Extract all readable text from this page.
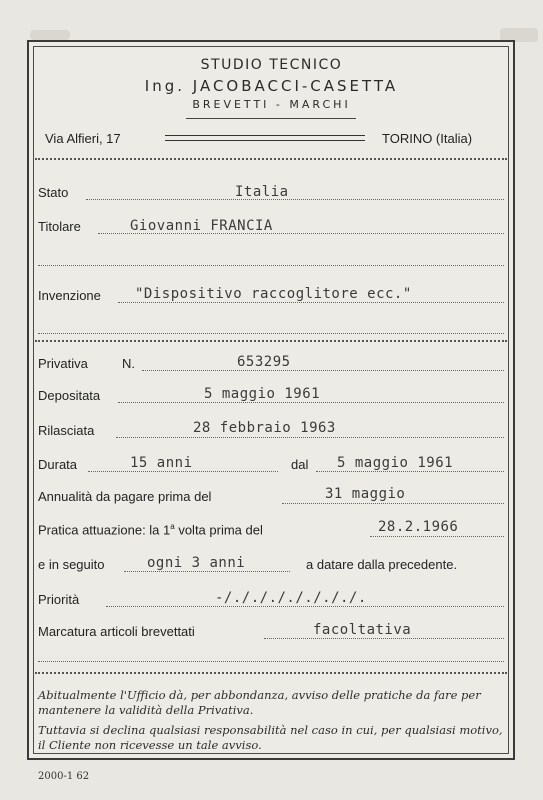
STUDIO TECNICO
Ing. JACOBACCI-CASETTA
BREVETTI - MARCHI
Via Alfieri, 17	TORINO (Italia)
Stato	Italia
Titolare	Giovanni FRANCIA
Invenzione "Dispositivo raccoglitore ecc."
Privativa	N.	653295
Depositata	5 maggio 1961
Rilasciata	28 febbraio 1963
Durata	15 anni	dal 5 maggio 1961
Annualità da pagare prima del	31 maggio
Pratica attuazione: la 1$^a$ volta prima del	28.2.1966
e in seguito	ogni 3 anni	a datare dalla precedente.
Priorità	-/./././././././.
Marcatura articoli brevettati	facoltativa
Abitualmente l'Ufficio dà, per abbondanza, avviso delle pratiche da fare per mantenere la validità della Privativa.
Tuttavia si declina qualsiasi responsabilità nel caso in cui, per qualsiasi motivo, il Cliente non ricevesse un tale avviso.
2000-1 62
